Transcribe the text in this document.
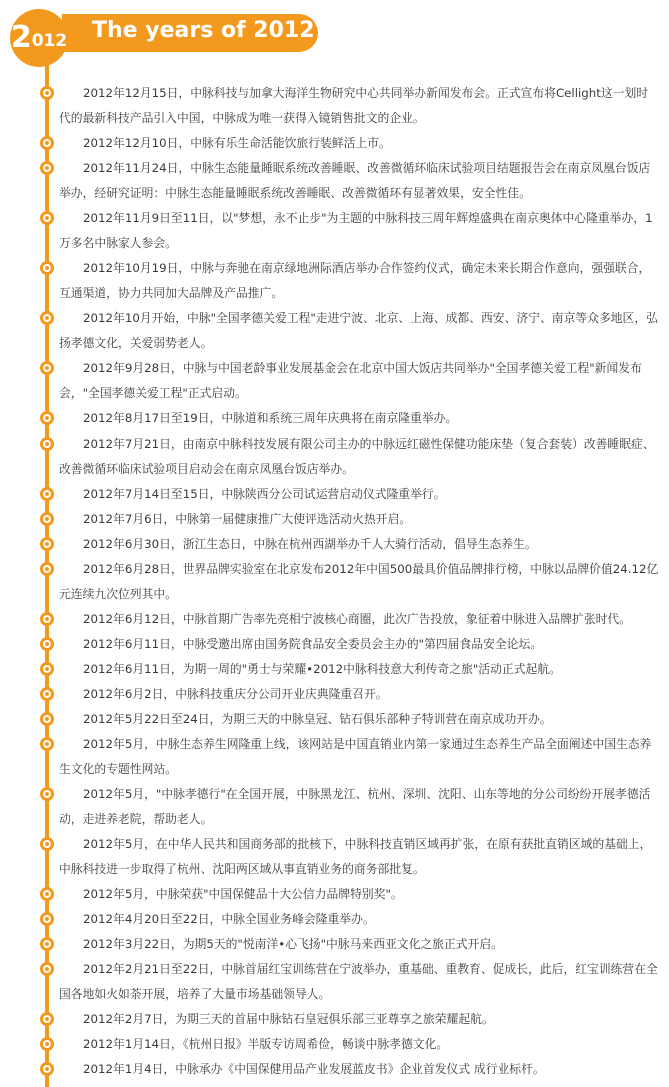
2 012 The years of 2012
2012年12月15日，中脉科技与加拿大海洋生物研究中心共同举办新闻发布会。正式宣布将Cellight这一划时代的最新科技产品引入中国，中脉成为唯一获得入镜销售批文的企业。
2012年12月10日，中脉有乐生命活能饮旅行装鲜活上市。
2012年11月24日，中脉生态能量睡眠系统改善睡眠、改善微循环临床试验项目结题报告会在南京凤凰台饭店举办，经研究证明：中脉生态能量睡眠系统改善睡眠、改善微循环有显著效果，安全性佳。
2012年11月9日至11日，以"梦想，永不止步"为主题的中脉科技三周年辉煌盛典在南京奥体中心隆重举办，1万多名中脉家人参会。
2012年10月19日，中脉与奔驰在南京绿地洲际酒店举办合作签约仪式，确定未来长期合作意向，强强联合，互通渠道，协力共同加大品牌及产品推广。
2012年10月开始，中脉"全国孝德关爱工程"走进宁波、北京、上海、成都、西安、济宁、南京等众多地区，弘扬孝德文化，关爱弱势老人。
2012年9月28日，中脉与中国老龄事业发展基金会在北京中国大饭店共同举办"全国孝德关爱工程"新闻发布会，"全国孝德关爱工程"正式启动。
2012年8月17日至19日，中脉道和系统三周年庆典将在南京隆重举办。
2012年7月21日，由南京中脉科技发展有限公司主办的中脉远红磁性保健功能床垫（复合套装）改善睡眠症、改善微循环临床试验项目启动会在南京凤凰台饭店举办。
2012年7月14日至15日，中脉陕西分公司试运营启动仪式隆重举行。
2012年7月6日，中脉第一届健康推广大使评选活动火热开启。
2012年6月30日，浙江生态日，中脉在杭州西湖举办千人大骑行活动，倡导生态养生。
2012年6月28日，世界品牌实验室在北京发布2012年中国500最具价值品牌排行榜，中脉以品牌价值24.12亿元连续九次位列其中。
2012年6月12日，中脉首期广告率先亮相宁波核心商圈，此次广告投放，象征着中脉进入品牌扩张时代。
2012年6月11日，中脉受邀出席由国务院食品安全委员会主办的"第四届食品安全论坛。
2012年6月11日，为期一周的"勇士与荣耀•2012中脉科技意大利传奇之旅"活动正式起航。
2012年6月2日，中脉科技重庆分公司开业庆典隆重召开。
2012年5月22日至24日，为期三天的中脉皇冠、钻石俱乐部种子特训营在南京成功开办。
2012年5月，中脉生态养生网隆重上线，该网站是中国直销业内第一家通过生态养生产品全面阐述中国生态养生文化的专题性网站。
2012年5月，"中脉孝德行"在全国开展，中脉黑龙江、杭州、深圳、沈阳、山东等地的分公司纷纷开展孝德活动，走进养老院，帮助老人。
2012年5月，在中华人民共和国商务部的批核下，中脉科技直销区域再扩张，在原有获批直销区域的基础上，中脉科技进一步取得了杭州、沈阳两区域从事直销业务的商务部批复。
2012年5月，中脉荣获"中国保健品十大公信力品牌特别奖"。
2012年4月20日至22日，中脉全国业务峰会隆重举办。
2012年3月22日，为期5天的"悦南洋•心飞扬"中脉马来西亚文化之旅正式开启。
2012年2月21日至22日，中脉首届红宝训练营在宁波举办，重基础、重教育、促成长，此后，红宝训练营在全国各地如火如荼开展，培养了大量市场基础领导人。
2012年2月7日，为期三天的首届中脉钻石皇冠俱乐部三亚尊享之旅荣耀起航。
2012年1月14日，《杭州日报》半版专访周希俭，畅谈中脉孝德文化。
2012年1月4日，中脉承办《中国保健用品产业发展蓝皮书》企业首发仪式 成行业标杆。
